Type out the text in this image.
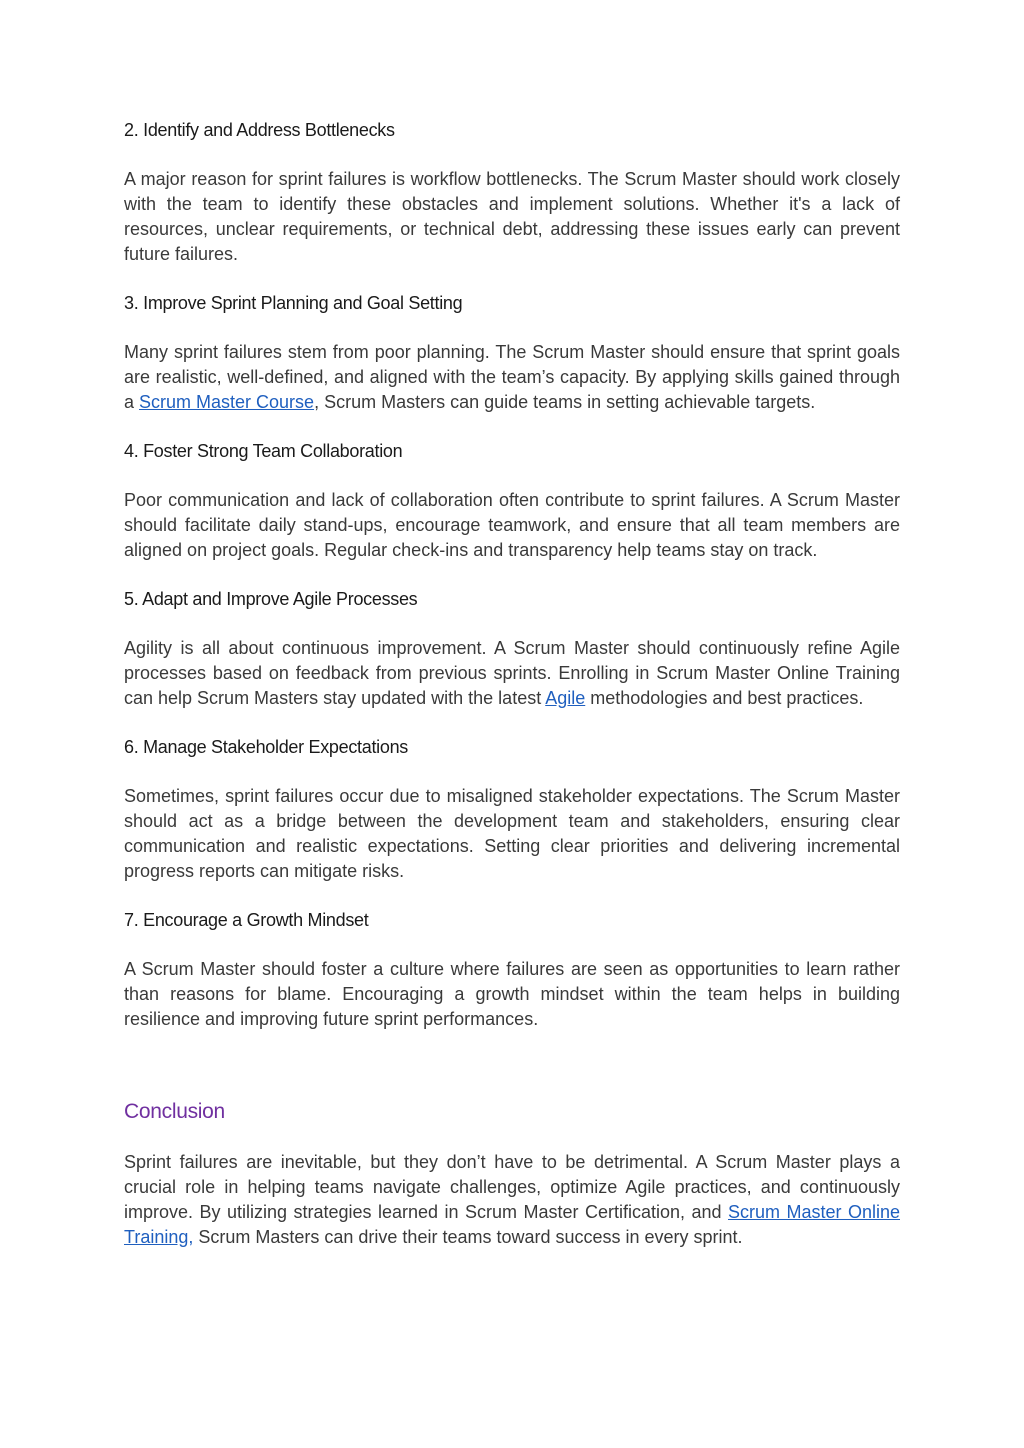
2. Identify and Address Bottlenecks

A major reason for sprint failures is workflow bottlenecks. The Scrum Master should work closely with the team to identify these obstacles and implement solutions. Whether it's a lack of resources, unclear requirements, or technical debt, addressing these issues early can prevent future failures.

3. Improve Sprint Planning and Goal Setting

Many sprint failures stem from poor planning. The Scrum Master should ensure that sprint goals are realistic, well-defined, and aligned with the team’s capacity. By applying skills gained through a Scrum Master Course, Scrum Masters can guide teams in setting achievable targets.

4. Foster Strong Team Collaboration

Poor communication and lack of collaboration often contribute to sprint failures. A Scrum Master should facilitate daily stand-ups, encourage teamwork, and ensure that all team members are aligned on project goals. Regular check-ins and transparency help teams stay on track.

5. Adapt and Improve Agile Processes

Agility is all about continuous improvement. A Scrum Master should continuously refine Agile processes based on feedback from previous sprints. Enrolling in Scrum Master Online Training can help Scrum Masters stay updated with the latest Agile methodologies and best practices.

6. Manage Stakeholder Expectations

Sometimes, sprint failures occur due to misaligned stakeholder expectations. The Scrum Master should act as a bridge between the development team and stakeholders, ensuring clear communication and realistic expectations. Setting clear priorities and delivering incremental progress reports can mitigate risks.

7. Encourage a Growth Mindset

A Scrum Master should foster a culture where failures are seen as opportunities to learn rather than reasons for blame. Encouraging a growth mindset within the team helps in building resilience and improving future sprint performances.

Conclusion

Sprint failures are inevitable, but they don’t have to be detrimental. A Scrum Master plays a crucial role in helping teams navigate challenges, optimize Agile practices, and continuously improve. By utilizing strategies learned in Scrum Master Certification, and Scrum Master Online Training, Scrum Masters can drive their teams toward success in every sprint.
